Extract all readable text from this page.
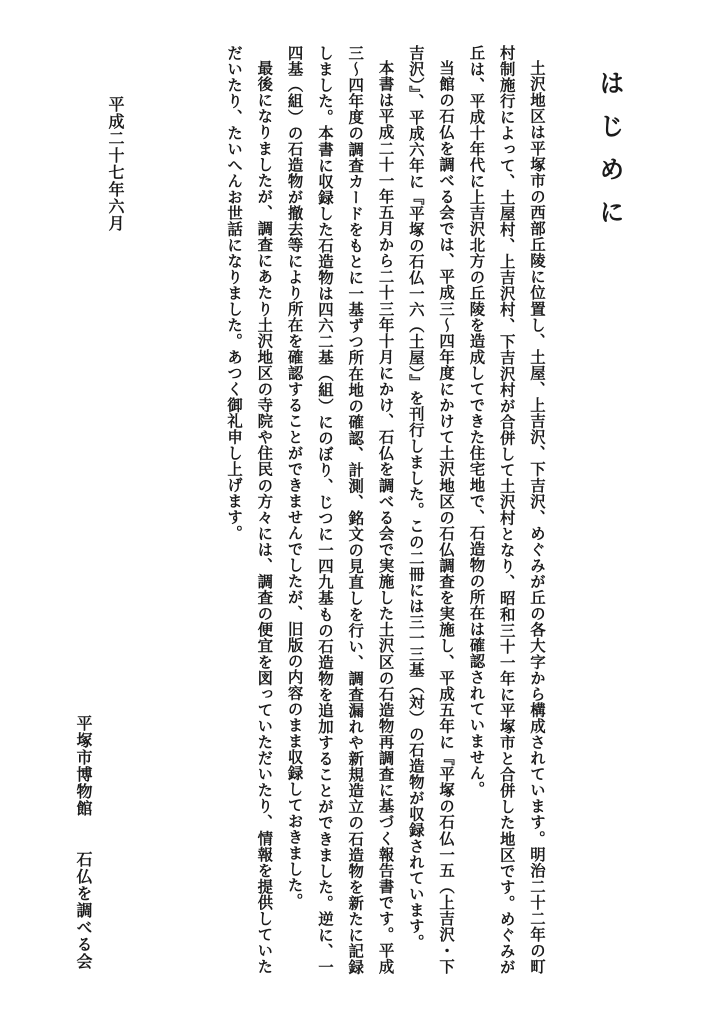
はじめに

土沢地区は平塚市の西部丘陵に位置し、土屋、上吉沢、下吉沢、めぐみが丘の各大字から構成されています。明治二十二年の町村制施行によって、土屋村、上吉沢村、下吉沢村が合併して土沢村となり、昭和三十一年に平塚市と合併した地区です。めぐみが丘は、平成十年代に上吉沢北方の丘陵を造成してできた住宅地で、石造物の所在は確認されていません。

当館の石仏を調べる会では、平成三～四年度にかけて土沢地区の石仏調査を実施し、平成五年に『平塚の石仏一五（上吉沢・下吉沢）』、平成六年に『平塚の石仏一六（土屋）』を刊行しました。この二冊には三一三基（対）の石造物が収録されています。

本書は平成二十一年五月から二十三年十月にかけ、石仏を調べる会で実施した土沢区の石造物再調査に基づく報告書です。平成三～四年度の調査カードをもとに一基ずつ所在地の確認、計測、銘文の見直しを行い、調査漏れや新規造立の石造物を新たに記録しました。本書に収録した石造物は四六二基（組）にのぼり、じつに一四九基もの石造物を追加することができました。逆に、一四基（組）の石造物が撤去等により所在を確認することができませんでしたが、旧版の内容のまま収録しておきました。

最後になりましたが、調査にあたり土沢地区の寺院や住民の方々には、調査の便宜を図っていただいたり、情報を提供していただいたり、たいへんお世話になりました。あつく御礼申し上げます。

平成二十七年六月
平塚市博物館　　石仏を調べる会
